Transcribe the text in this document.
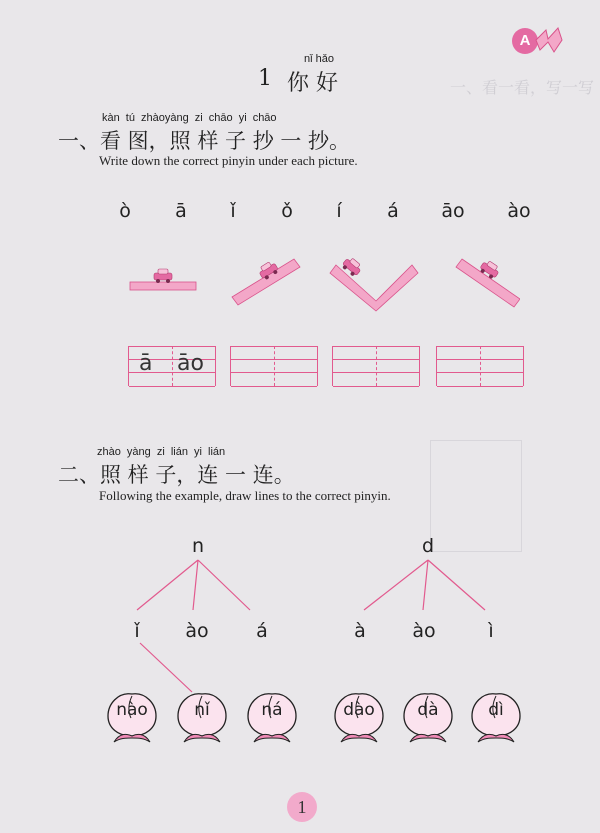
一、看一看，写一写
A
nǐ hǎo
1 你 好
kàn tú zhàoyàng zi chāo yi chāo
一、看 图，照 样 子 抄 一 抄。
Write down the correct pinyin under each picture.
ò ā ǐ ǒ í á āo ào
ā āo
zhào yàng zi lián yi lián
二、照 样 子，连 一 连。
Following the example, draw lines to the correct pinyin.
n	d
ǐ ào	á	à ào	ì
nào	nǐ	ná	dào	dà	dì
1
